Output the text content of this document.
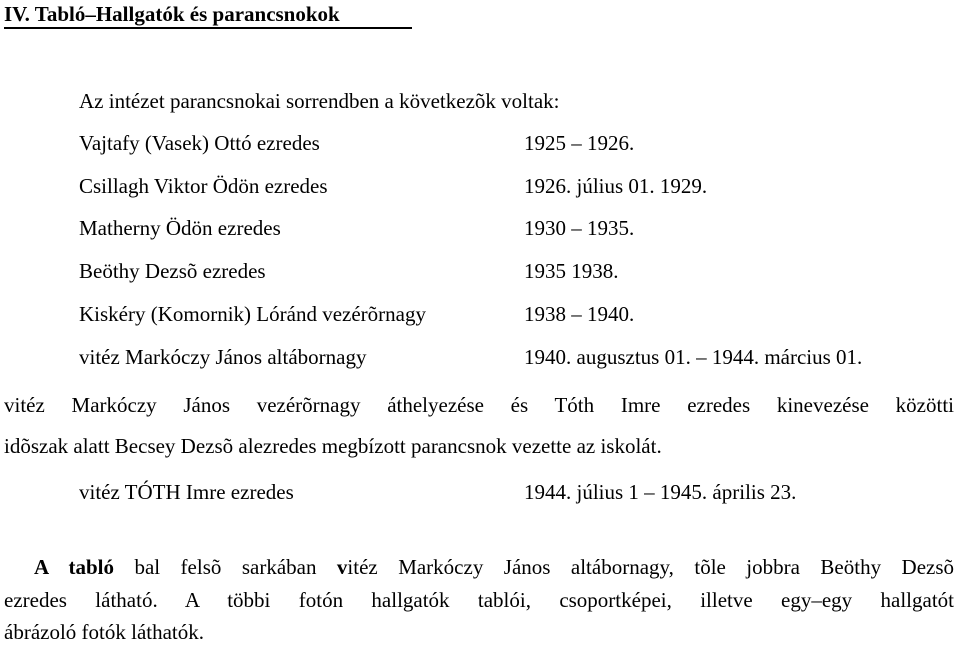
IV. Tabló–Hallgatók és parancsnokok
Az intézet parancsnokai sorrendben a következõk voltak:
Vajtafy (Vasek) Ottó ezredes	1925 – 1926.
Csillagh Viktor Ödön ezredes	1926. július 01. 1929.
Matherny Ödön ezredes	1930 – 1935.
Beöthy Dezsõ ezredes	1935 1938.
Kiskéry (Komornik) Lóránd vezérõrnagy	1938 – 1940.
vitéz Markóczy János altábornagy	1940. augusztus 01. – 1944. március 01.
vitéz Markóczy János vezérõrnagy áthelyezése és Tóth Imre ezredes kinevezése közötti
idõszak alatt Becsey Dezsõ alezredes megbízott parancsnok vezette az iskolát.
vitéz TÓTH Imre ezredes	1944. július 1 – 1945. április 23.
A tabló bal felsõ sarkában vitéz Markóczy János altábornagy, tõle jobbra Beöthy Dezsõ
ezredes látható. A többi fotón hallgatók tablói, csoportképei, illetve egy–egy hallgatót
ábrázoló fotók láthatók.
